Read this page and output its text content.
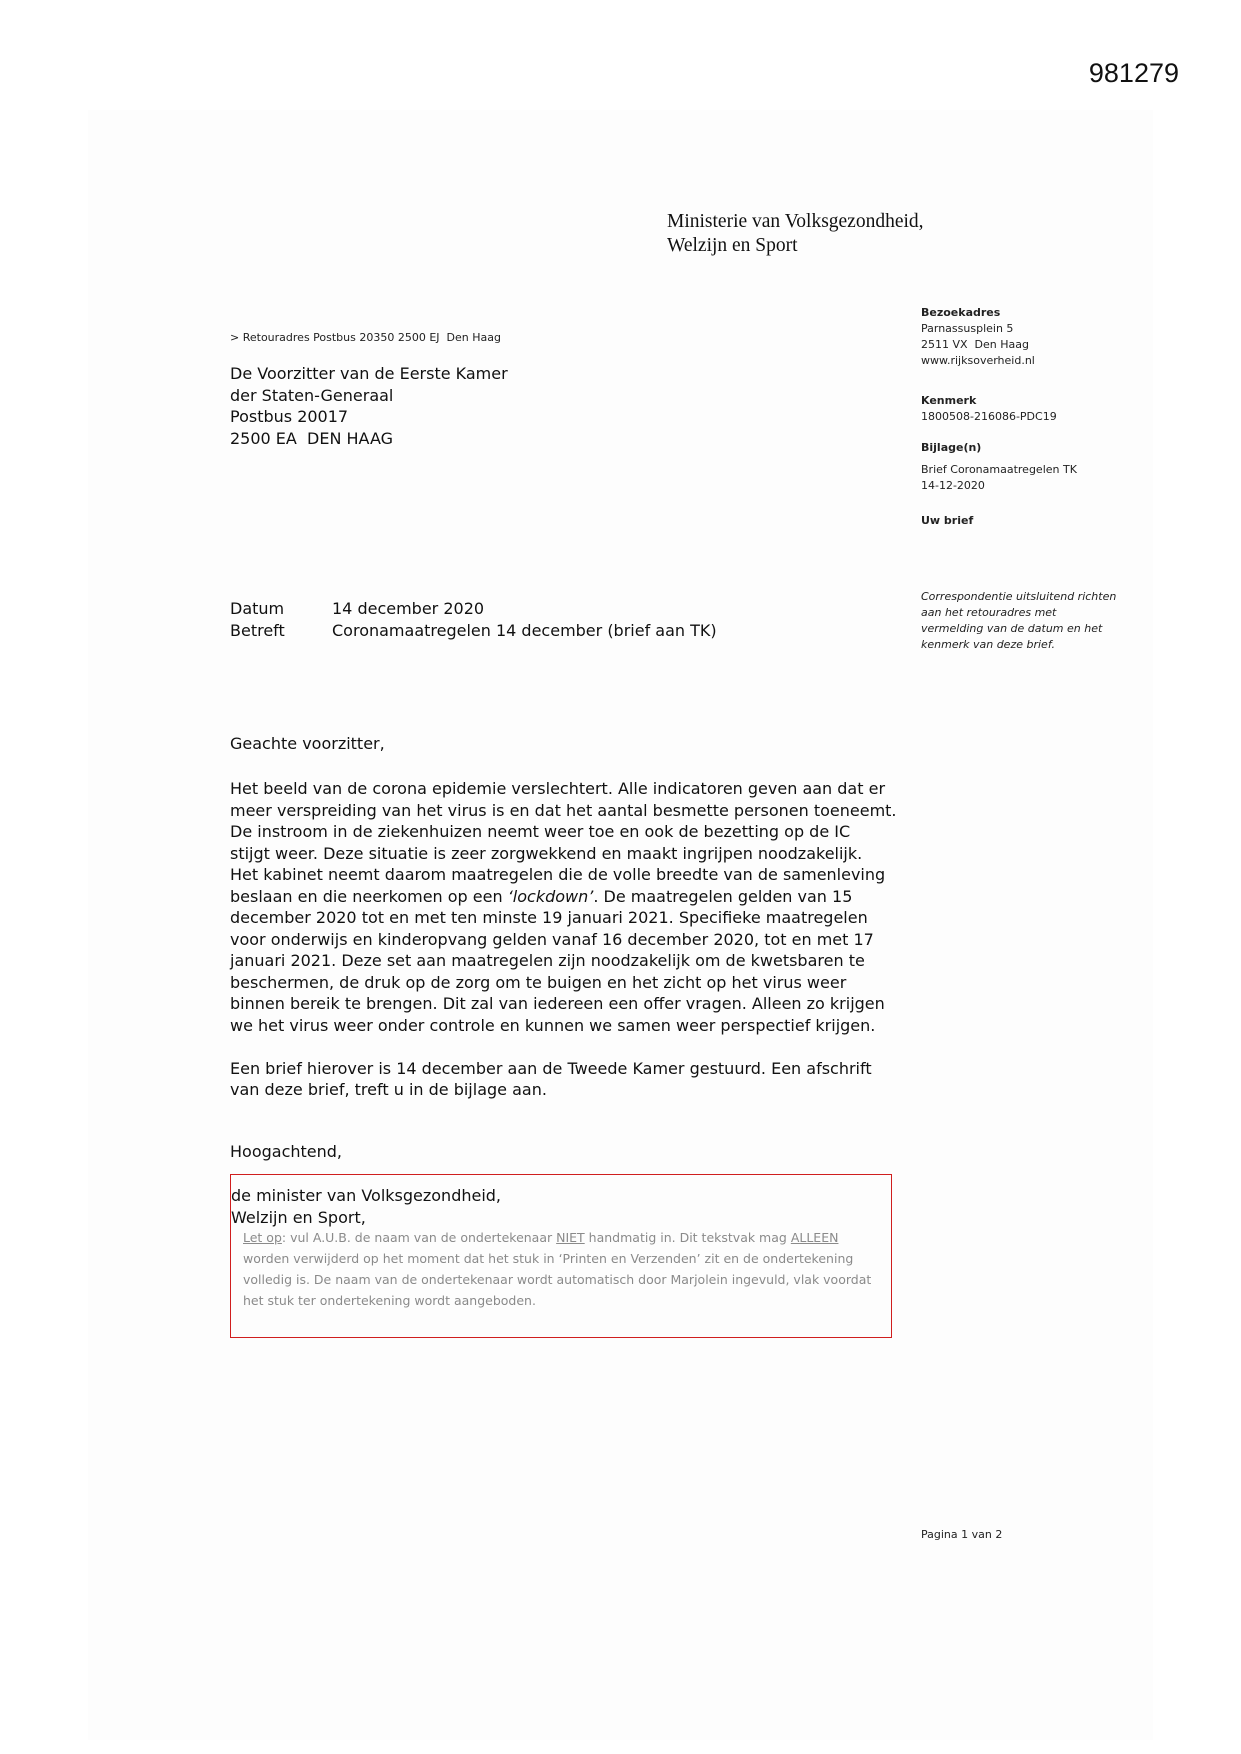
981279
Ministerie van Volksgezondheid,
Welzijn en Sport
> Retouradres Postbus 20350 2500 EJ  Den Haag
De Voorzitter van de Eerste Kamer
der Staten-Generaal
Postbus 20017
2500 EA  DEN HAAG
Bezoekadres
Parnassusplein 5
2511 VX  Den Haag
www.rijksoverheid.nl
Kenmerk
1800508-216086-PDC19
Bijlage(n)
Brief Coronamaatregelen TK
14-12-2020
Uw brief
Correspondentie uitsluitend richten aan het retouradres met vermelding van de datum en het kenmerk van deze brief.
Datum	14 december 2020
Betreft	Coronamaatregelen 14 december (brief aan TK)
Geachte voorzitter,
Het beeld van de corona epidemie verslechtert. Alle indicatoren geven aan dat er
meer verspreiding van het virus is en dat het aantal besmette personen toeneemt.
De instroom in de ziekenhuizen neemt weer toe en ook de bezetting op de IC
stijgt weer. Deze situatie is zeer zorgwekkend en maakt ingrijpen noodzakelijk.
Het kabinet neemt daarom maatregelen die de volle breedte van de samenleving
beslaan en die neerkomen op een ‘lockdown’. De maatregelen gelden van 15
december 2020 tot en met ten minste 19 januari 2021. Specifieke maatregelen
voor onderwijs en kinderopvang gelden vanaf 16 december 2020, tot en met 17
januari 2021. Deze set aan maatregelen zijn noodzakelijk om de kwetsbaren te
beschermen, de druk op de zorg om te buigen en het zicht op het virus weer
binnen bereik te brengen. Dit zal van iedereen een offer vragen. Alleen zo krijgen
we het virus weer onder controle en kunnen we samen weer perspectief krijgen.
Een brief hierover is 14 december aan de Tweede Kamer gestuurd. Een afschrift
van deze brief, treft u in de bijlage aan.
Hoogachtend,
de minister van Volksgezondheid,
Welzijn en Sport,
Let op: vul A.U.B. de naam van de ondertekenaar NIET handmatig in. Dit tekstvak mag ALLEEN worden verwijderd op het moment dat het stuk in ‘Printen en Verzenden’ zit en de ondertekening volledig is. De naam van de ondertekenaar wordt automatisch door Marjolein ingevuld, vlak voordat het stuk ter ondertekening wordt aangeboden.
Pagina 1 van 2
